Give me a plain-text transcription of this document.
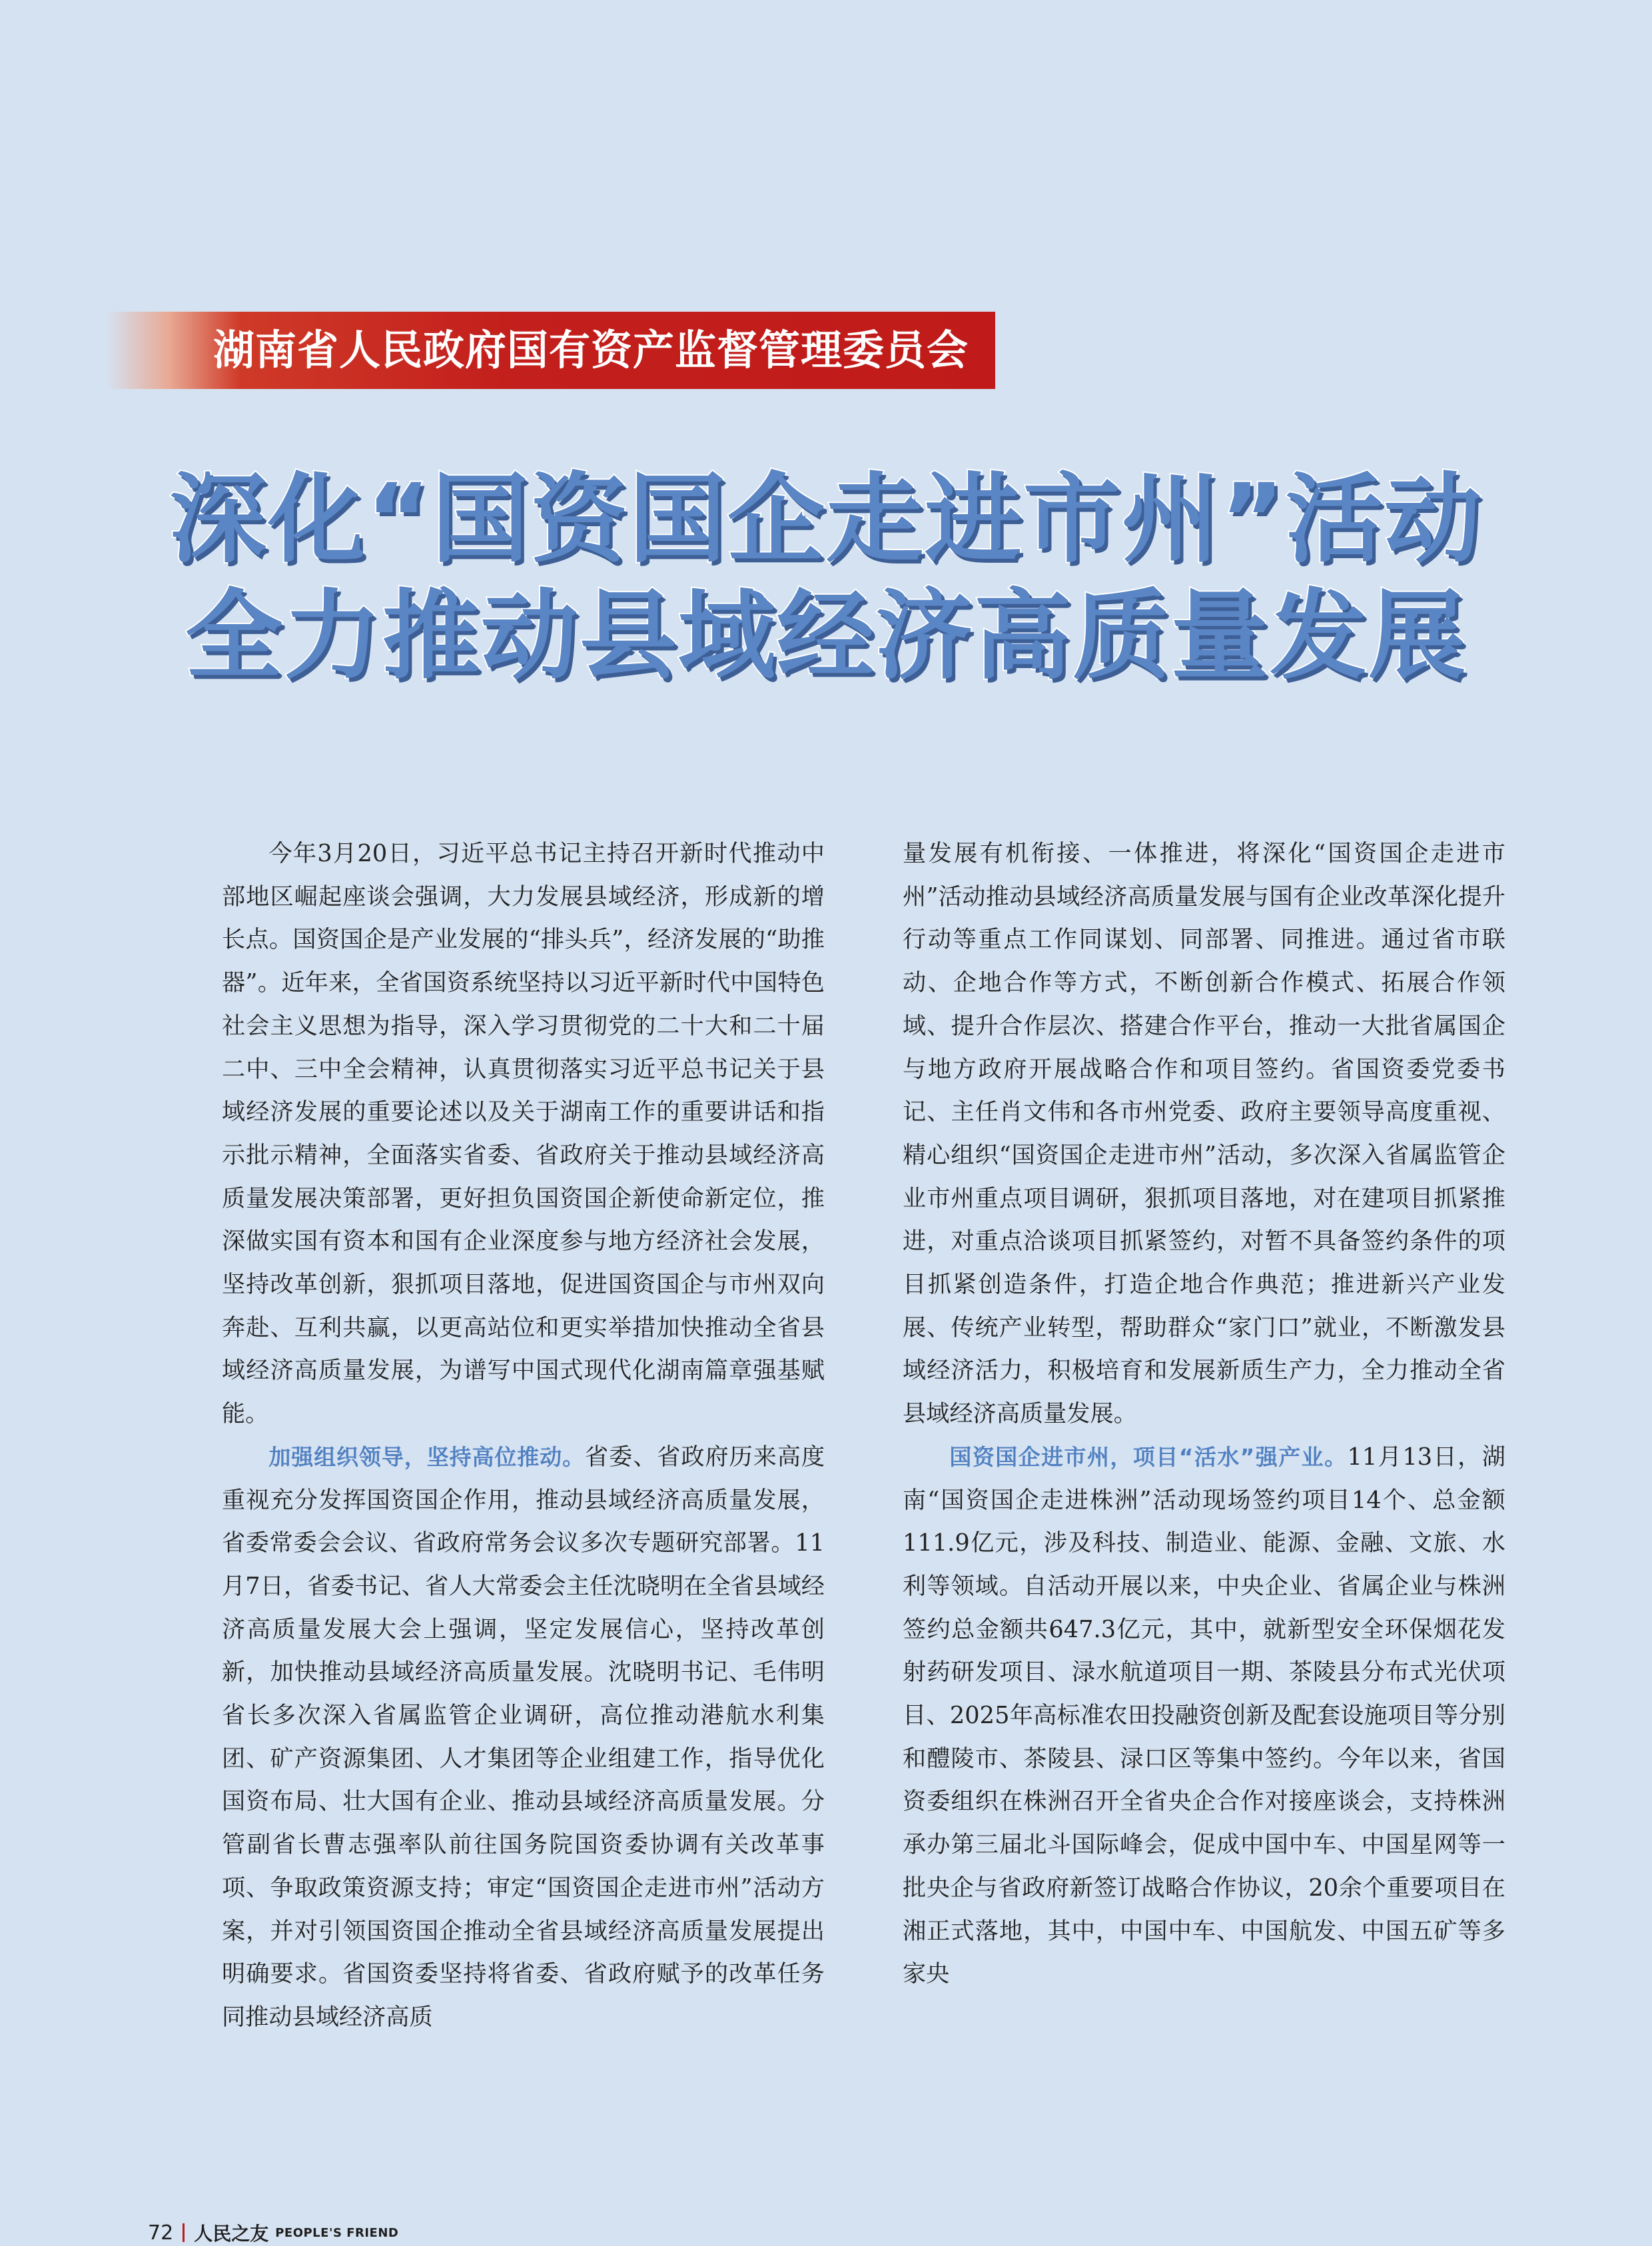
湖南省人民政府国有资产监督管理委员会
深化“国资国企走进市州”活动
全力推动县域经济高质量发展

今年3月20日，习近平总书记主持召开新时代推动中部地区崛起座谈会强调，大力发展县域经济，形成新的增长点。国资国企是产业发展的“排头兵”，经济发展的“助推器”。近年来，全省国资系统坚持以习近平新时代中国特色社会主义思想为指导，深入学习贯彻党的二十大和二十届二中、三中全会精神，认真贯彻落实习近平总书记关于县域经济发展的重要论述以及关于湖南工作的重要讲话和指示批示精神，全面落实省委、省政府关于推动县域经济高质量发展决策部署，更好担负国资国企新使命新定位，推深做实国有资本和国有企业深度参与地方经济社会发展，坚持改革创新，狠抓项目落地，促进国资国企与市州双向奔赴、互利共赢，以更高站位和更实举措加快推动全省县域经济高质量发展，为谱写中国式现代化湖南篇章强基赋能。

加强组织领导，坚持高位推动。省委、省政府历来高度重视充分发挥国资国企作用，推动县域经济高质量发展，省委常委会会议、省政府常务会议多次专题研究部署。11月7日，省委书记、省人大常委会主任沈晓明在全省县域经济高质量发展大会上强调，坚定发展信心，坚持改革创新，加快推动县域经济高质量发展。沈晓明书记、毛伟明省长多次深入省属监管企业调研，高位推动港航水利集团、矿产资源集团、人才集团等企业组建工作，指导优化国资布局、壮大国有企业、推动县域经济高质量发展。分管副省长曹志强率队前往国务院国资委协调有关改革事项、争取政策资源支持；审定“国资国企走进市州”活动方案，并对引领国资国企推动全省县域经济高质量发展提出明确要求。省国资委坚持将省委、省政府赋予的改革任务同推动县域经济高质

量发展有机衔接、一体推进，将深化“国资国企走进市州”活动推动县域经济高质量发展与国有企业改革深化提升行动等重点工作同谋划、同部署、同推进。通过省市联动、企地合作等方式，不断创新合作模式、拓展合作领域、提升合作层次、搭建合作平台，推动一大批省属国企与地方政府开展战略合作和项目签约。省国资委党委书记、主任肖文伟和各市州党委、政府主要领导高度重视、精心组织“国资国企走进市州”活动，多次深入省属监管企业市州重点项目调研，狠抓项目落地，对在建项目抓紧推进，对重点洽谈项目抓紧签约，对暂不具备签约条件的项目抓紧创造条件，打造企地合作典范；推进新兴产业发展、传统产业转型，帮助群众“家门口”就业，不断激发县域经济活力，积极培育和发展新质生产力，全力推动全省县域经济高质量发展。

国资国企进市州，项目“活水”强产业。11月13日，湖南“国资国企走进株洲”活动现场签约项目14个、总金额111.9亿元，涉及科技、制造业、能源、金融、文旅、水利等领域。自活动开展以来，中央企业、省属企业与株洲签约总金额共647.3亿元，其中，就新型安全环保烟花发射药研发项目、渌水航道项目一期、茶陵县分布式光伏项目、2025年高标准农田投融资创新及配套设施项目等分别和醴陵市、茶陵县、渌口区等集中签约。今年以来，省国资委组织在株洲召开全省央企合作对接座谈会，支持株洲承办第三届北斗国际峰会，促成中国中车、中国星网等一批央企与省政府新签订战略合作协议，20余个重要项目在湘正式落地，其中，中国中车、中国航发、中国五矿等多家央

72 人民之友 PEOPLE'S FRIEND
